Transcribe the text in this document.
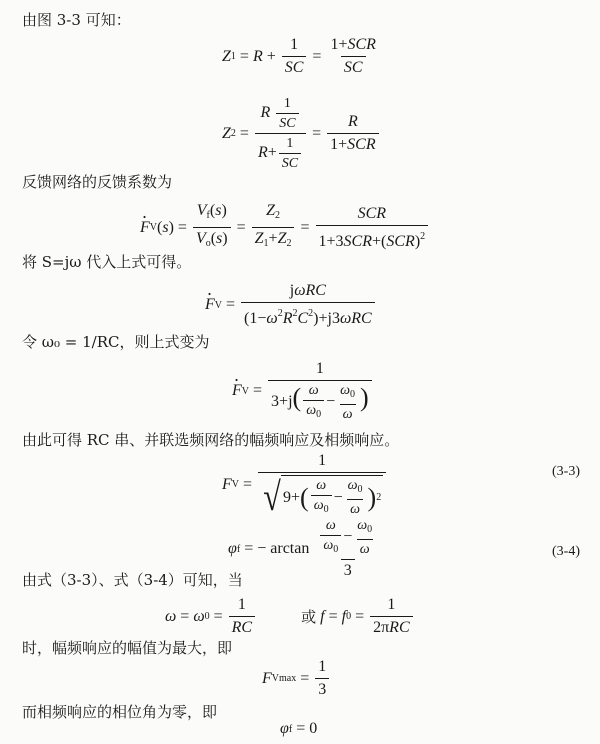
由图 3-3 可知：
Z $1 = R + \frac{1}{SC} = \frac{\text{1+SCR}}{SC}$
Z $2 = \frac{R \frac{1}{SC}}{R+ \frac{1}{SC}} = \frac{R}{\text{1+SCR}}$
反馈网络的反馈系数为
· F V ( s ) = $\frac{V_f(s)}{V_o(s)} = \frac{Z_2}{Z_1+Z_2} = \frac{\text{SCR}}{1+3SCR+(SCR)^2}$
将 S=jω 代入上式可得。
· F $V = \frac{\text{jωRC}}{(1-\omega^2R^2C^2)+j3\omega RC}$
令 ω₀ = 1/RC，则上式变为
· F $V = \frac{1}{3+j( \frac{\omega}{\omega_0} - \frac{\omega_0}{\omega} )}$
由此可得 RC 串、并联选频网络的幅频响应及相频响应。
F $V = \frac{1}{√ 9+ ( \frac{\omega}{\omega_0} - \frac{\omega_0}{\omega} ) 2}$	(3-3)
φ f = − $\arctan \frac{\frac{\omega}{\omega_0} - \frac{\omega_0}{\omega}}{3}$	(3-4)
由式（3-3）、式（3-4）可知，当
ω = ω $0 = \frac{1}{RC}$	或
f = f $0 = \frac{1}{\text{2πRC}}$
时，幅频响应的幅值为最大，即
F $Vmax = \frac{1}{3}$
而相频响应的相位角为零，即
φ f = 0
